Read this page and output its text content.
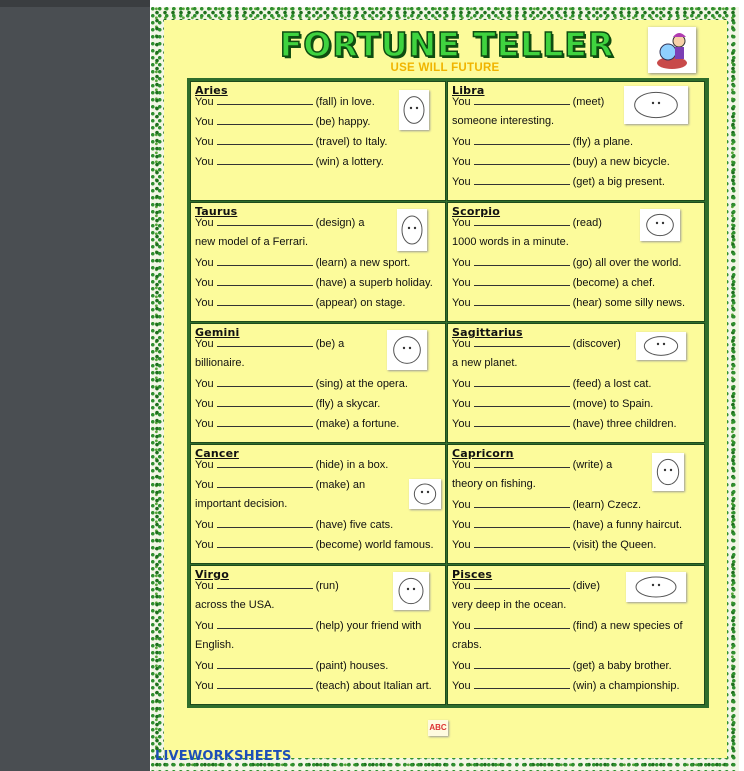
FORTUNE TELLER
USE WILL FUTURE
Aries
You	(fall) in love.
You	(be) happy.
You	(travel) to Italy.
You	(win) a lottery.
Libra
You	(meet)
someone interesting.
You	(fly) a plane.
You	(buy) a new bicycle.
You	(get) a big present.
Taurus
You	(design) a
new model of a Ferrari.
You	(learn) a new sport.
You	(have) a superb holiday.
You	(appear) on stage.
Scorpio
You	(read)
1000 words in a minute.
You	(go) all over the world.
You	(become) a chef.
You	(hear) some silly news.
Gemini
You	(be) a
billionaire.
You	(sing) at the opera.
You	(fly) a skycar.
You	(make) a fortune.
Sagittarius
You	(discover)
a new planet.
You	(feed) a lost cat.
You	(move) to Spain.
You	(have) three children.
Cancer
You	(hide) in a box.
You	(make) an
important decision.
You	(have) five cats.
You	(become) world famous.
Capricorn
You	(write) a
theory on fishing.
You	(learn) Czecz.
You	(have) a funny haircut.
You	(visit) the Queen.
Virgo
You	(run)
across the USA.
You	(help) your friend with
English.
You	(paint) houses.
You	(teach) about Italian art.
Pisces
You	(dive)
very deep in the ocean.
You	(find) a new species of
crabs.
You	(get) a baby brother.
You	(win) a championship.
ABC
LIVEWORKSHEETS
